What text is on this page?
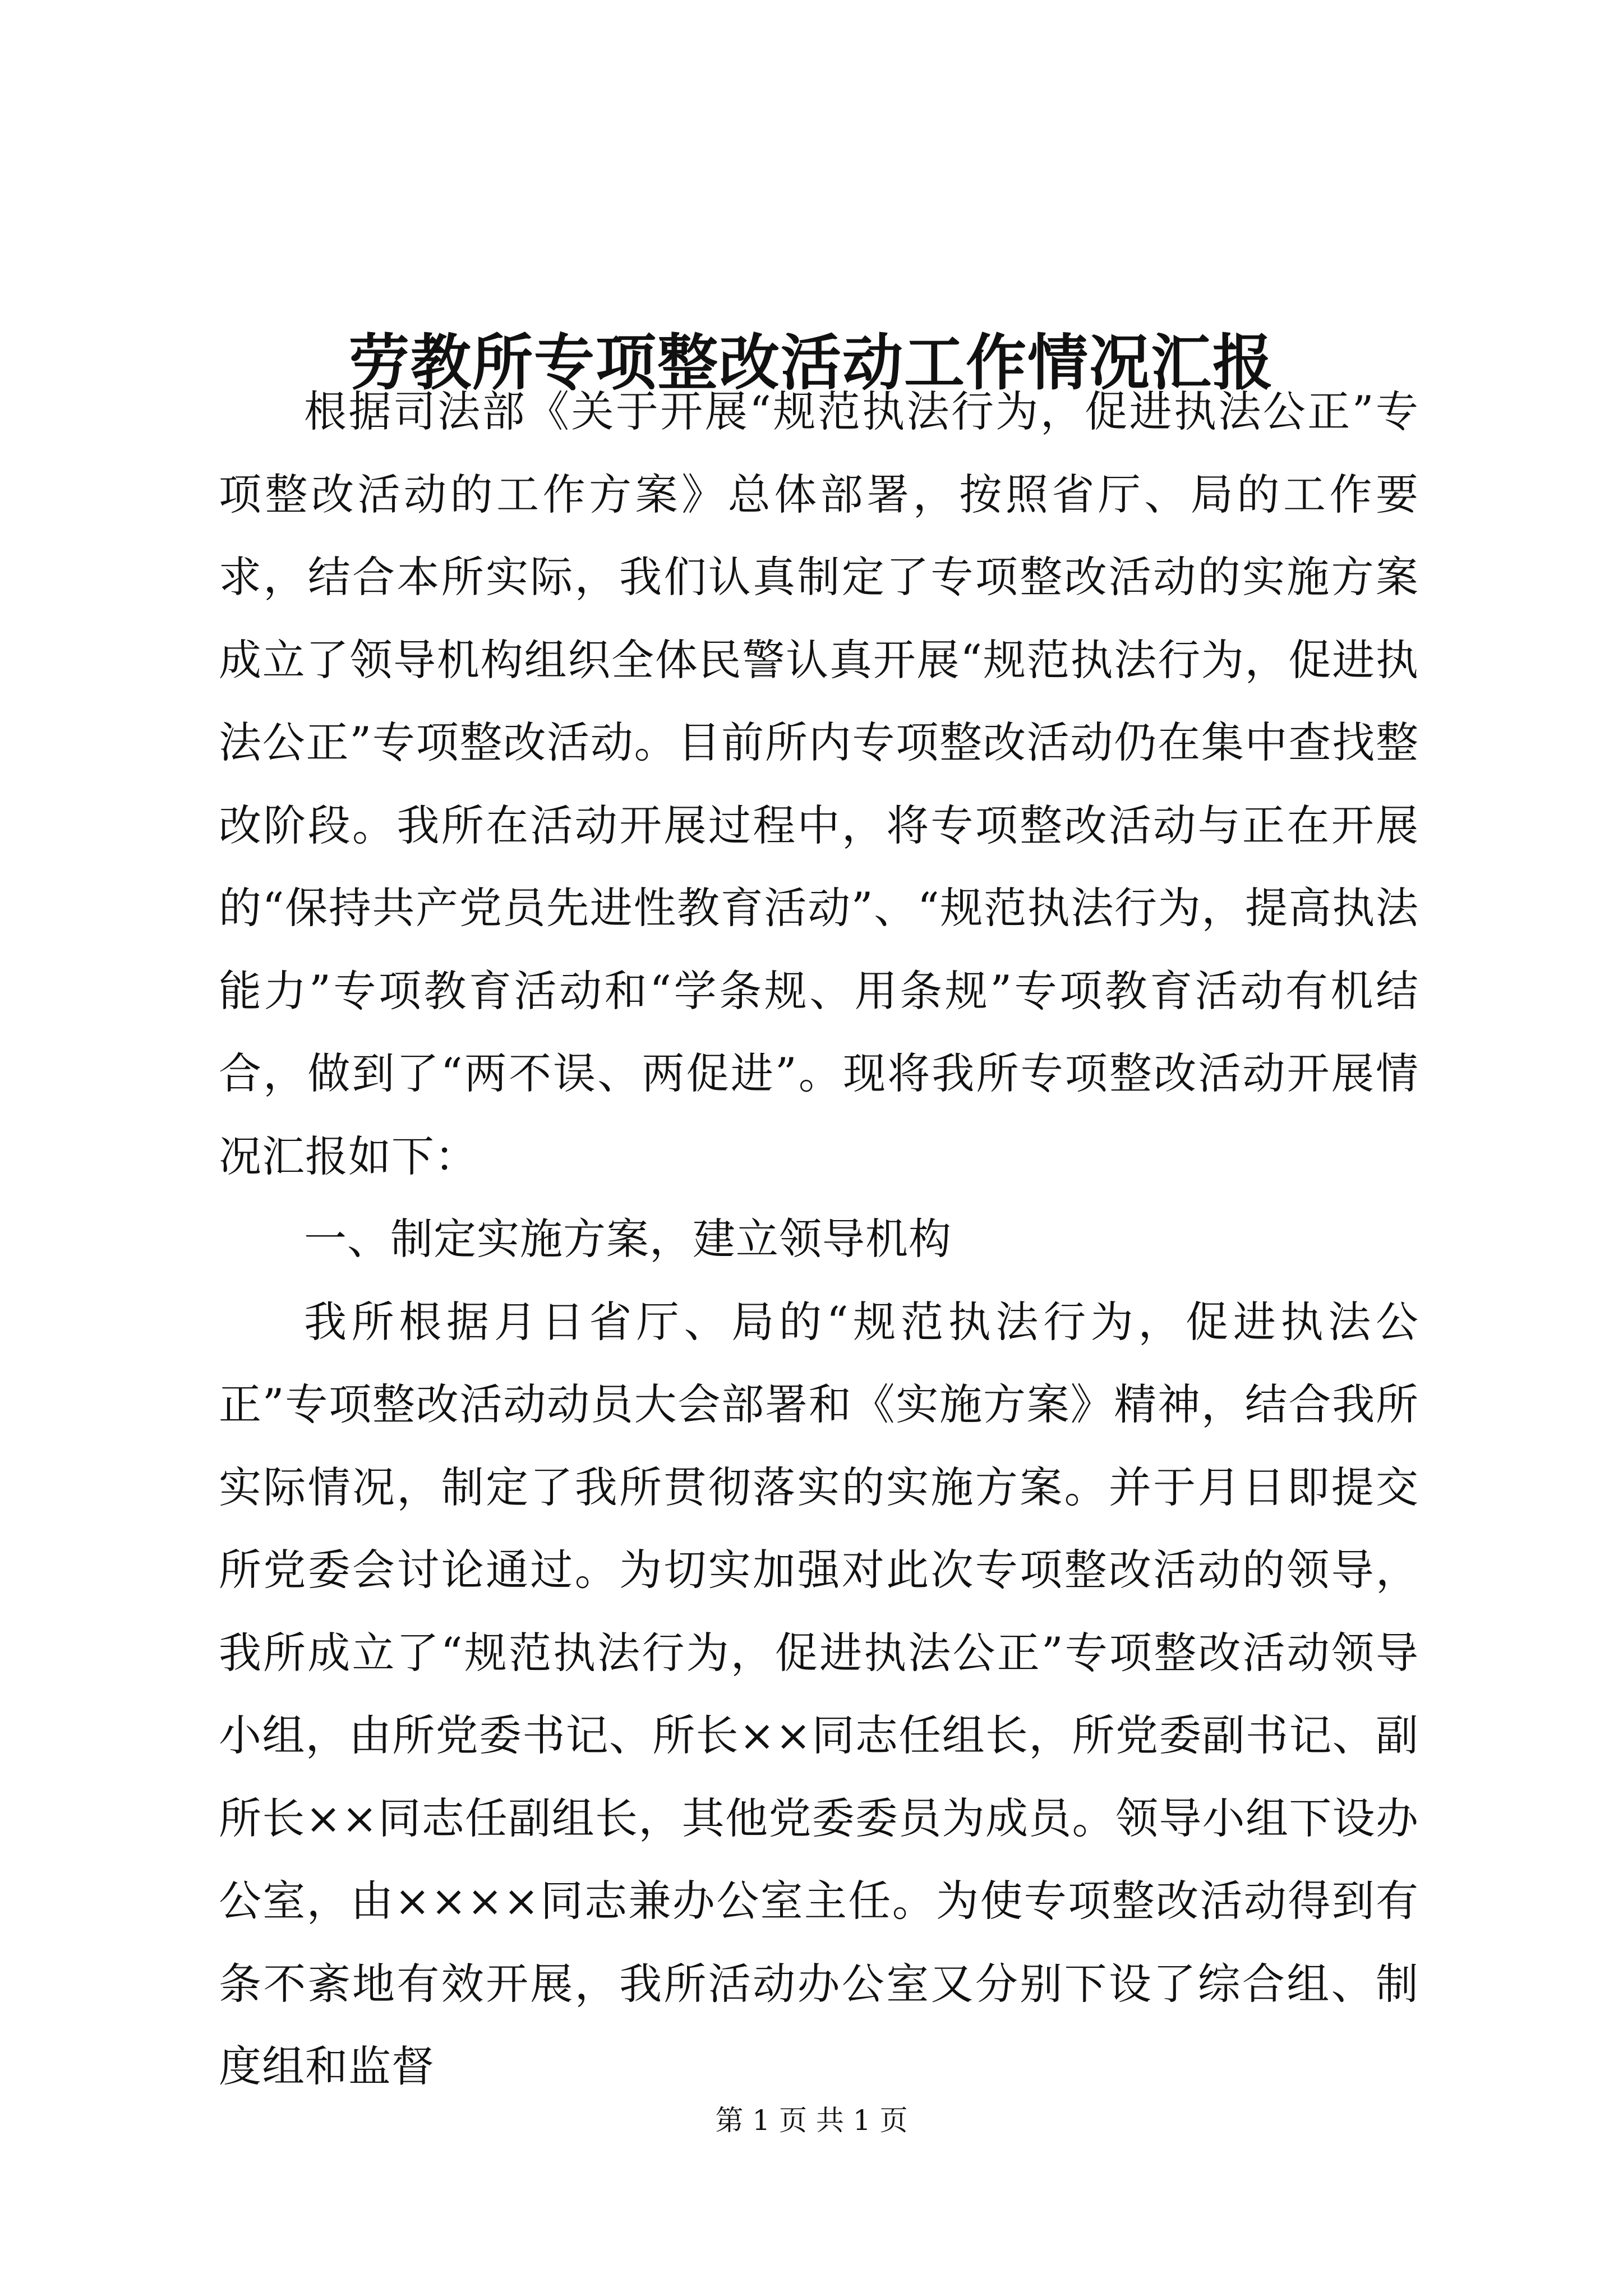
劳教所专项整改活动工作情况汇报

根据司法部《关于开展“规范执法行为，促进执法公正”专项整改活动的工作方案》总体部署，按照省厅、局的工作要求，结合本所实际，我们认真制定了专项整改活动的实施方案成立了领导机构组织全体民警认真开展“规范执法行为，促进执法公正”专项整改活动。目前所内专项整改活动仍在集中查找整改阶段。我所在活动开展过程中，将专项整改活动与正在开展的“保持共产党员先进性教育活动”、“规范执法行为，提高执法能力”专项教育活动和“学条规、用条规”专项教育活动有机结合，做到了“两不误、两促进”。现将我所专项整改活动开展情况汇报如下：

一、制定实施方案，建立领导机构

我所根据月日省厅、局的“规范执法行为，促进执法公正”专项整改活动动员大会部署和《实施方案》精神，结合我所实际情况，制定了我所贯彻落实的实施方案。并于月日即提交所党委会讨论通过。为切实加强对此次专项整改活动的领导，我所成立了“规范执法行为，促进执法公正”专项整改活动领导小组，由所党委书记、所长××同志任组长，所党委副书记、副所长××同志任副组长，其他党委委员为成员。领导小组下设办公室，由××××同志兼办公室主任。为使专项整改活动得到有条不紊地有效开展，我所活动办公室又分别下设了综合组、制度组和监督

第 1 页 共 1 页
